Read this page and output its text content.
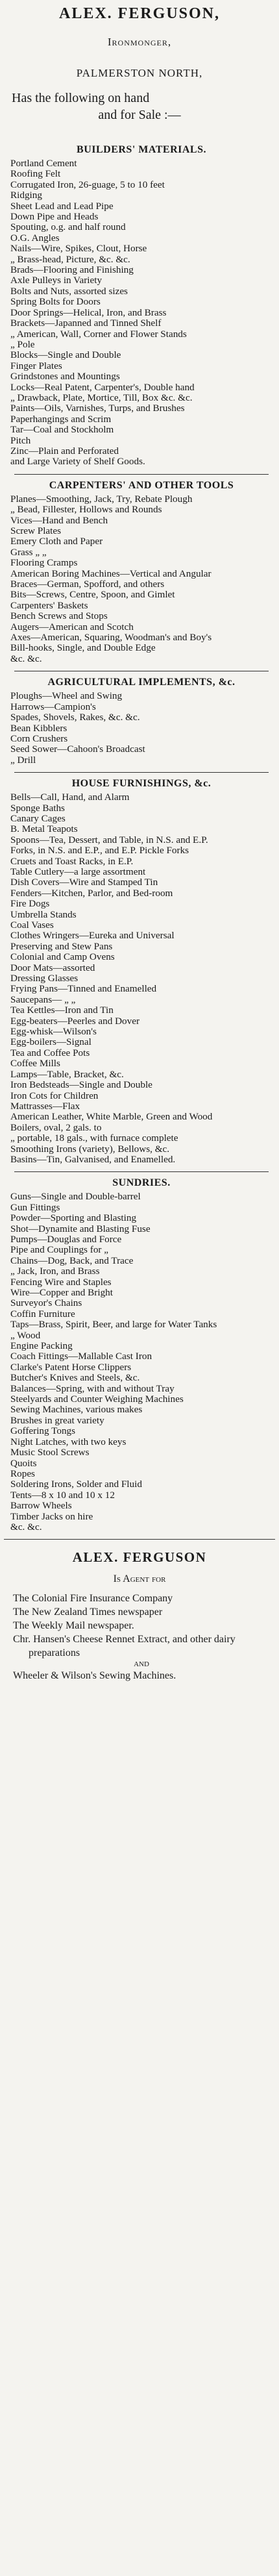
ALEX. FERGUSON,

Ironmonger,

PALMERSTON NORTH,

Has the following on hand

and for Sale :—

BUILDERS' MATERIALS.
Portland Cement
Roofing Felt
Corrugated Iron, 26-guage, 5 to 10 feet
Ridging
Sheet Lead and Lead Pipe
Down Pipe and Heads
Spouting, o.g. and half round
O.G. Angles
Nails—Wire, Spikes, Clout, Horse
„ Brass-head, Picture, &c. &c.
Brads—Flooring and Finishing
Axle Pulleys in Variety
Bolts and Nuts, assorted sizes
Spring Bolts for Doors
Door Springs—Helical, Iron, and Brass
Brackets—Japanned and Tinned Shelf
„ American, Wall, Corner and Flower Stands
„ Pole
Blocks—Single and Double
Finger Plates
Grindstones and Mountings
Locks—Real Patent, Carpenter's, Double hand
„ Drawback, Plate, Mortice, Till, Box &c. &c.
Paints—Oils, Varnishes, Turps, and Brushes
Paperhangings and Scrim
Tar—Coal and Stockholm
Pitch
Zinc—Plain and Perforated
and Large Variety of Shelf Goods.
CARPENTERS' AND OTHER TOOLS
Planes—Smoothing, Jack, Try, Rebate Plough
„ Bead, Fillester, Hollows and Rounds
Vices—Hand and Bench
Screw Plates
Emery Cloth and Paper
Grass „ „
Flooring Cramps
American Boring Machines—Vertical and Angular
Braces—German, Spofford, and others
Bits—Screws, Centre, Spoon, and Gimlet
Carpenters' Baskets
Bench Screws and Stops
Augers—American and Scotch
Axes—American, Squaring, Woodman's and Boy's
Bill-hooks, Single, and Double Edge
&c. &c.
AGRICULTURAL IMPLEMENTS, &c.
Ploughs—Wheel and Swing
Harrows—Campion's
Spades, Shovels, Rakes, &c. &c.
Bean Kibblers
Corn Crushers
Seed Sower—Cahoon's Broadcast
„ Drill
HOUSE FURNISHINGS, &c.
Bells—Call, Hand, and Alarm
Sponge Baths
Canary Cages
B. Metal Teapots
Spoons—Tea, Dessert, and Table, in N.S. and E.P.
Forks, in N.S. and E.P., and E.P. Pickle Forks
Cruets and Toast Racks, in E.P.
Table Cutlery—a large assortment
Dish Covers—Wire and Stamped Tin
Fenders—Kitchen, Parlor, and Bed-room
Fire Dogs
Umbrella Stands
Coal Vases
Clothes Wringers—Eureka and Universal
Preserving and Stew Pans
Colonial and Camp Ovens
Door Mats—assorted
Dressing Glasses
Frying Pans—Tinned and Enamelled
Saucepans— „ „
Tea Kettles—Iron and Tin
Egg-beaters—Peerles and Dover
Egg-whisk—Wilson's
Egg-boilers—Signal
Tea and Coffee Pots
Coffee Mills
Lamps—Table, Bracket, &c.
Iron Bedsteads—Single and Double
Iron Cots for Children
Mattrasses—Flax
American Leather, White Marble, Green and Wood
Boilers, oval, 2 gals. to
„ portable, 18 gals., with furnace complete
Smoothing Irons (variety), Bellows, &c.
Basins—Tin, Galvanised, and Enamelled.
SUNDRIES.
Guns—Single and Double-barrel
Gun Fittings
Powder—Sporting and Blasting
Shot—Dynamite and Blasting Fuse
Pumps—Douglas and Force
Pipe and Couplings for „
Chains—Dog, Back, and Trace
„ Jack, Iron, and Brass
Fencing Wire and Staples
Wire—Copper and Bright
Surveyor's Chains
Coffin Furniture
Taps—Brass, Spirit, Beer, and large for Water Tanks
„ Wood
Engine Packing
Coach Fittings—Mallable Cast Iron
Clarke's Patent Horse Clippers
Butcher's Knives and Steels, &c.
Balances—Spring, with and without Tray
Steelyards and Counter Weighing Machines
Sewing Machines, various makes
Brushes in great variety
Goffering Tongs
Night Latches, with two keys
Music Stool Screws
Quoits
Ropes
Soldering Irons, Solder and Fluid
Tents—8 x 10 and 10 x 12
Barrow Wheels
Timber Jacks on hire
&c. &c.
ALEX. FERGUSON

Is Agent for

The Colonial Fire Insurance Company
The New Zealand Times newspaper
The Weekly Mail newspaper.
Chr. Hansen's Cheese Rennet Extract, and other dairy preparations
AND
Wheeler & Wilson's Sewing Machines.
